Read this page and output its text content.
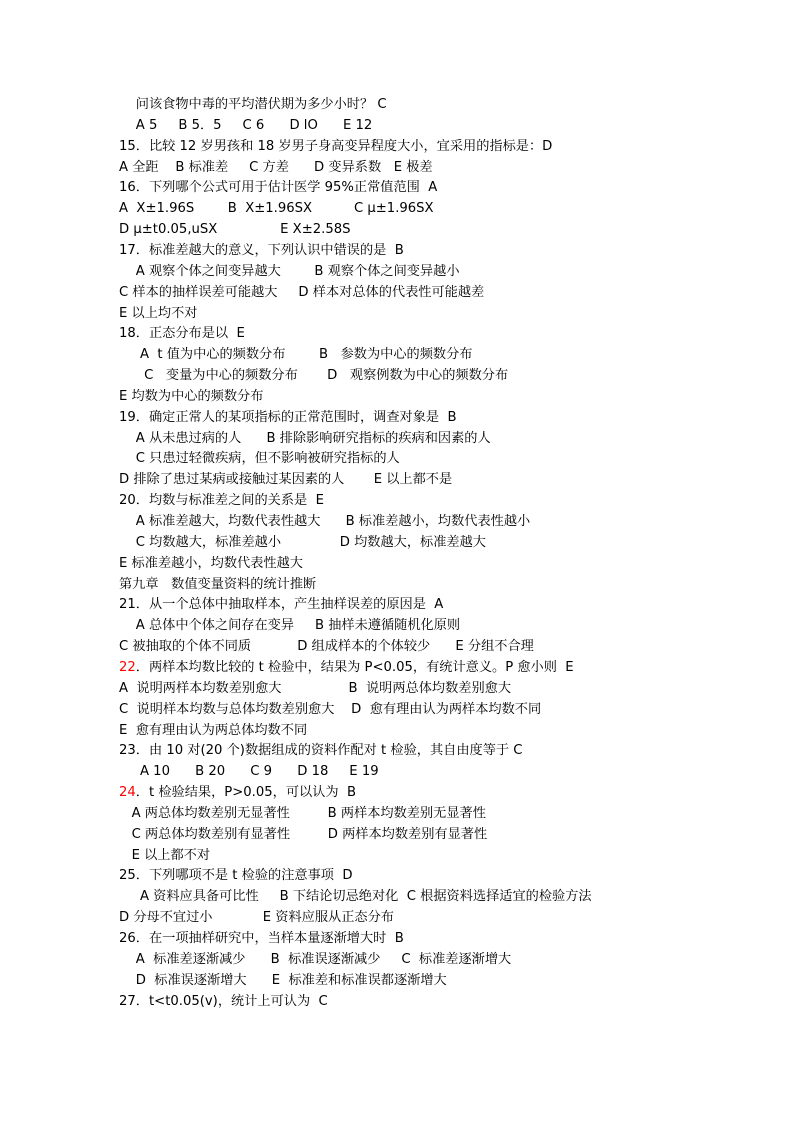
问该食物中毒的平均潜伏期为多少小时？ C
A 5     B 5．5     C 6      D lO      E 12
15．比较 12 岁男孩和 18 岁男子身高变异程度大小，宜采用的指标是：D
A 全距    B 标准差     C 方差      D 变异系数   E 极差
16．下列哪个公式可用于估计医学 95%正常值范围  A
A  X±1.96S        B  X±1.96SX          C μ±1.96SX
D μ±t0.05,uSX               E X±2.58S
17．标准差越大的意义，下列认识中错误的是  B
A 观察个体之间变异越大        B 观察个体之间变异越小
C 样本的抽样误差可能越大     D 样本对总体的代表性可能越差
E 以上均不对
18．正态分布是以  E
A  t 值为中心的频数分布        B   参数为中心的频数分布
C   变量为中心的频数分布       D   观察例数为中心的频数分布
E 均数为中心的频数分布
19．确定正常人的某项指标的正常范围时，调查对象是  B
A 从未患过病的人      B 排除影响研究指标的疾病和因素的人
C 只患过轻微疾病，但不影响被研究指标的人
D 排除了患过某病或接触过某因素的人       E 以上都不是
20．均数与标准差之间的关系是  E
A 标准差越大，均数代表性越大      B 标准差越小，均数代表性越小
C 均数越大，标准差越小              D 均数越大，标准差越大
E 标准差越小，均数代表性越大
第九章   数值变量资料的统计推断
21．从一个总体中抽取样本，产生抽样误差的原因是  A
A 总体中个体之间存在变异     B 抽样未遵循随机化原则
C 被抽取的个体不同质           D 组成样本的个体较少      E 分组不合理
22．两样本均数比较的 t 检验中，结果为 P<0.05，有统计意义。P 愈小则  E
A  说明两样本均数差别愈大                B  说明两总体均数差别愈大
C  说明样本均数与总体均数差别愈大    D  愈有理由认为两样本均数不同
E  愈有理由认为两总体均数不同
23．由 10 对(20 个)数据组成的资料作配对 t 检验，其自由度等于 C
A 10      B 20      C 9      D 18     E 19
24．t 检验结果，P>0.05，可以认为  B
A 两总体均数差别无显著性         B 两样本均数差别无显著性
C 两总体均数差别有显著性         D 两样本均数差别有显著性
E 以上都不对
25．下列哪项不是 t 检验的注意事项  D
A 资料应具备可比性     B 下结论切忌绝对化  C 根据资料选择适宜的检验方法
D 分母不宜过小            E 资料应服从正态分布
26．在一项抽样研究中，当样本量逐渐增大时  B
A  标准差逐渐减少      B  标准误逐渐减少     C  标准差逐渐增大
D  标准误逐渐增大      E  标准差和标准误都逐渐增大
27．t<t0.05(v)，统计上可认为  C
